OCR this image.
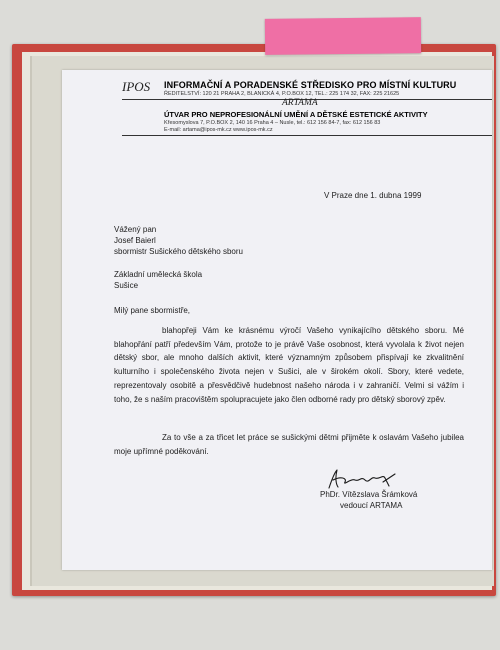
IPOS INFORMAČNÍ A PORADENSKÉ STŘEDISKO PRO MÍSTNÍ KULTURU
ŘEDITELSTVÍ: 120 21 PRAHA 2, BLANICKÁ 4, P.O.BOX 12, TEL.: 225 174 32, FAX: 225 21625
ARTAMA
ÚTVAR PRO NEPROFESIONÁLNÍ UMĚNÍ A DĚTSKÉ ESTETICKÉ AKTIVITY
Křesomyslova 7, P.O.BOX 2, 140 16 Praha 4 – Nusle, tel.: 612 156 84-7, fax: 612 156 83
E-mail: artama@ipos-mk.cz www.ipos-mk.cz
V Praze dne 1. dubna 1999
Vážený pan
Josef Baierl
sbormistr Sušického dětského sboru
Základní umělecká škola
Sušice
Milý pane sbormistře,
blahopřeji Vám ke krásnému výročí Vašeho vynikajícího dětského sboru. Mé blahopřání patří především Vám, protože to je právě Vaše osobnost, která vyvolala k život nejen dětský sbor, ale mnoho dalších aktivit, které významným způsobem přispívají ke zkvalitnění kulturního i společenského života nejen v Sušici, ale v širokém okolí. Sbory, které vedete, reprezentovaly osobitě a přesvědčivě hudebnost našeho národa i v zahraničí. Velmi si vážím i toho, že s naším pracovištěm spolupracujete jako člen odborné rady pro dětský sborový zpěv.
Za to vše a za třicet let práce se sušickými dětmi přijměte k oslavám Vašeho jubilea moje upřímné poděkování.
PhDr. Vítězslava Šrámková
vedoucí ARTAMA
